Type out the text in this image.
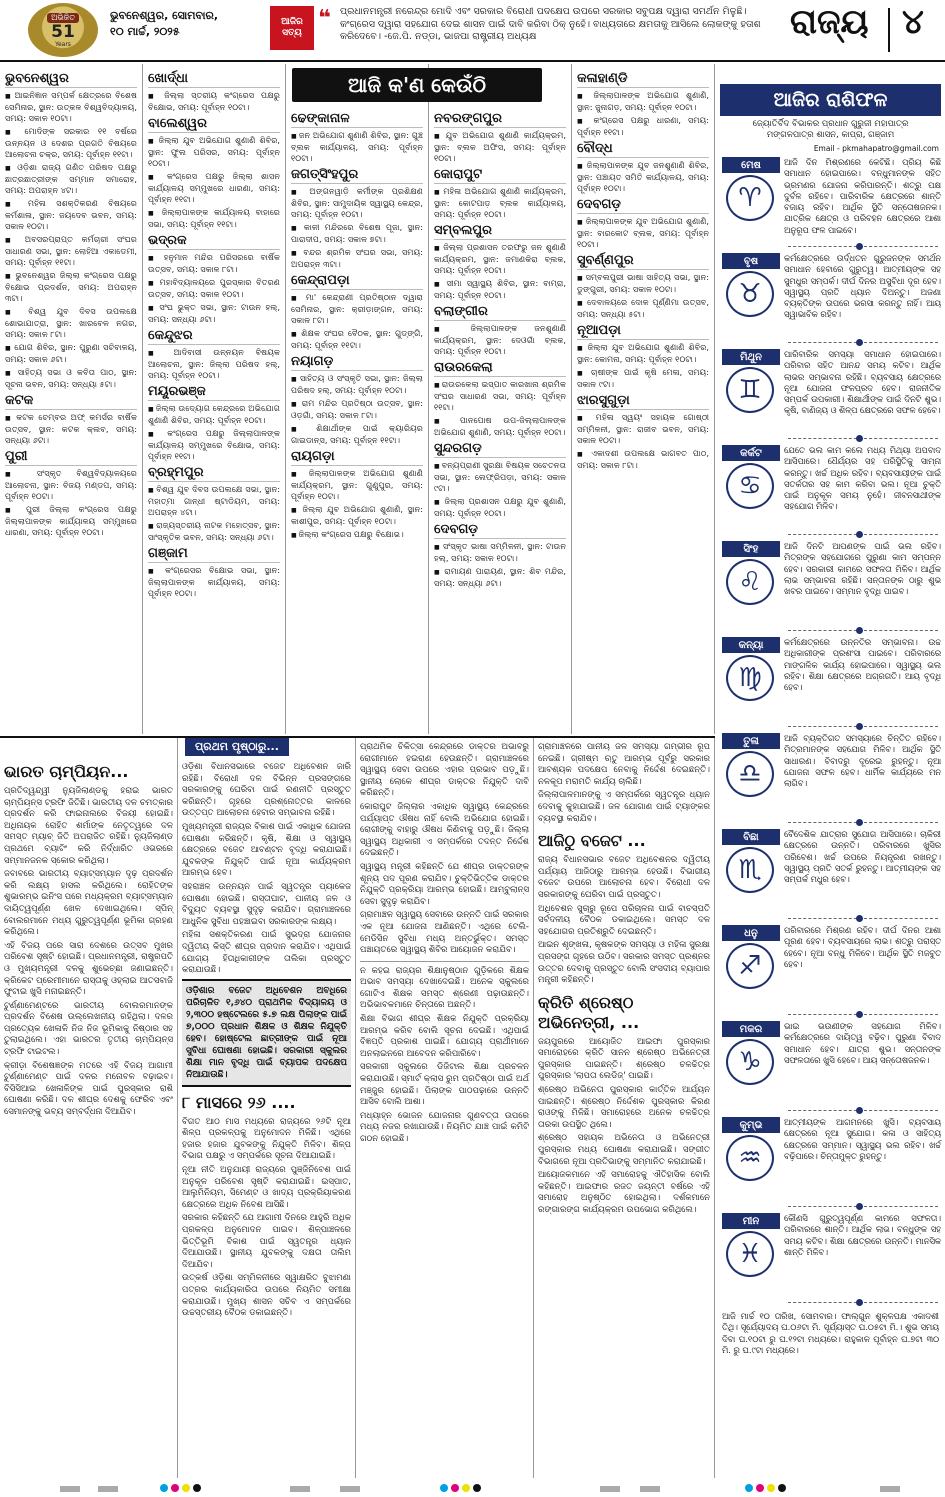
ଅଭିଜିତ
51
Years
ଭୁବନେଶ୍ୱର, ସୋମବାର,
୧୦ ମାର୍ଚ୍ଚ, ୨୦୨୫
ଆଜିର
ସତ୍ୟ
❝ ପ୍ରଧାନମନ୍ତ୍ରୀ ନରେନ୍ଦ୍ର ମୋଦି ଏବଂ ସରକାର ବିରୋଧୀ ପଦକ୍ଷେପ ଉପରେ ସରକାର ସବୁପକ୍ଷ ଦ୍ୱାରା ସମର୍ଥନ ମିଳୁଛି। କଂଗ୍ରେସ ଦ୍ୱାରା ସହଯୋଗ ଦେଇ ଶାସନ ପାଇଁ ଦାବି କରିବା ଠିକ୍ ନୁହେଁ। ବାଧ୍ୟତାରେ କ୍ଷମତାକୁ ଆସିଲେ ଲୋକଙ୍କୁ ହତାଶ କରିଦେବେ। -ଜେ.ପି. ନଡ୍ଡା, ଭାଜପା ରାଷ୍ଟ୍ରୀୟ ଅଧ୍ୟକ୍ଷ	ରାଜ୍ୟ ୪
ଭୁବନେଶ୍ୱର
■ ଆଇନିଜ୍ଞାନ ସମ୍ପର୍କ କ୍ଷେତ୍ରରେ ବିଶେଷ ସେମିନାର, ସ୍ଥାନ: ଉତ୍କଳ ବିଶ୍ୱବିଦ୍ୟାଳୟ, ସମୟ: ସକାଳ ୧୦ଟା।
■ ମୋଦିଙ୍କ ସରକାର ୧୧ ବର୍ଷରେ ଉନ୍ନୟନ ଓ ଦେଶର ପ୍ରଗତି ବିଷୟରେ ଆଲୋଚନା ଚକ୍ର, ସମୟ: ପୂର୍ବାହ୍ନ ୧୧ଟା।
■ ଓଡ଼ିଶା ରାଜ୍ୟ ଗଣିତ ପରିଷଦ ପକ୍ଷରୁ ଛାତ୍ରଛାତ୍ରୀଙ୍କ ସମ୍ମାନ ସମାରୋହ, ସମୟ: ଅପରାହ୍ନ ୪ଟା।
■ ମହିଳା ସଶକ୍ତିକରଣ ବିଷୟରେ କର୍ମଶାଳା, ସ୍ଥାନ: ଜୟଦେବ ଭବନ, ସମୟ: ସକାଳ ୧୦ଟା।
■ ଅବସରପ୍ରାପ୍ତ କର୍ମଚାରୀ ସଂଘର ସାଧାରଣ ସଭା, ସ୍ଥାନ: ଲୋହିଆ ଏକାଡେମୀ, ସମୟ: ପୂର୍ବାହ୍ନ ୧୧ଟା।
■ ଭୁବନେଶ୍ୱର ଜିଲ୍ଲା କଂଗ୍ରେସ ପକ୍ଷରୁ ବିକ୍ଷୋଭ ପ୍ରଦର୍ଶନ, ସମୟ: ଅପରାହ୍ନ ୩ଟା।
■ ବିଶ୍ୱ ଯୁବ ଦିବସ ଉପଲକ୍ଷେ ଶୋଭାଯାତ୍ରା, ସ୍ଥାନ: ଖାରବେଳ ନଗର, ସମୟ: ସକାଳ ୮ଟା।
■ ଯୋଗ ଶିବିର, ସ୍ଥାନ: ପୁରୁଣା ସଚିବାଳୟ, ସମୟ: ସକାଳ ୬ଟା।
■ ସାହିତ୍ୟ ସଭା ଓ କବିତା ପାଠ, ସ୍ଥାନ: ସୂଚନା ଭବନ, ସମୟ: ସନ୍ଧ୍ୟା ୫ଟା।
କଟକ
■ କଟକ ଚେମ୍ବର ଅଫ୍ କମର୍ସର ବାର୍ଷିକ ଉତ୍ସବ, ସ୍ଥାନ: କଟକ କ୍ଲବ, ସମୟ: ସନ୍ଧ୍ୟା ୬ଟା।
ପୁରୀ
■ ସଂସ୍କୃତ ବିଶ୍ୱବିଦ୍ୟାଳୟରେ ଆଲୋଚନା, ସ୍ଥାନ: ବିଜୟ ମଣ୍ଡପ, ସମୟ: ପୂର୍ବାହ୍ନ ୧୦ଟା।
■ ପୁରୀ ଜିଲ୍ଲା କଂଗ୍ରେସ ପକ୍ଷରୁ ଜିଲ୍ଲାପାଳଙ୍କ କାର୍ଯ୍ୟାଳୟ ସମ୍ମୁଖରେ ଧାରଣା, ସମୟ: ପୂର୍ବାହ୍ନ ୧୦ଟା।
ଖୋର୍ଦ୍ଧା
■ ଜିଲ୍ଲା ସ୍ତରୀୟ କଂଗ୍ରେସ ପକ୍ଷରୁ ବିକ୍ଷୋଭ, ସମୟ: ପୂର୍ବାହ୍ନ ୧୦ଟା।
ବାଲେଶ୍ୱର
■ ଜିଲ୍ଲା ଯୁବ ଅଭିଯୋଗ ଶୁଣାଣି ଶିବିର, ସ୍ଥାନ: ଫୁଲ ପରିସର, ସମୟ: ପୂର୍ବାହ୍ନ ୧୦ଟା।
■ କଂଗ୍ରେସ ପକ୍ଷରୁ ଜିଲ୍ଲା ଶାସନ କାର୍ଯ୍ୟାଳୟ ସମ୍ମୁଖରେ ଧାରଣା, ସମୟ: ପୂର୍ବାହ୍ନ ୧୧ଟା।
■ ଜିଲ୍ଲାପାଳଙ୍କ କାର୍ଯ୍ୟାଳୟ ବାହାରେ ସଭା, ସମୟ: ପୂର୍ବାହ୍ନ ୧୧ଟା।
ଭଦ୍ରକ
■ ହନୁମାନ ମନ୍ଦିର ପରିସରରେ ବାର୍ଷିକ ଉତ୍ସବ, ସମୟ: ସକାଳ ୮ଟା।
■ ମହାବିଦ୍ୟାଳୟରେ ପୁରସ୍କାର ବିତରଣ ଉତ୍ସବ, ସମୟ: ସକାଳ ୧୦ଟା।
■ ସଂଘ ଭୁକ୍ତ ସଭା, ସ୍ଥାନ: ଟାଉନ ହଲ୍, ସମୟ: ସନ୍ଧ୍ୟା ୬ଟା।
କେନ୍ଦୁଝର
■ ଆଦିବାସୀ ଉନ୍ନୟନ ବିଷୟକ ଆଲୋଚନା, ସ୍ଥାନ: ଜିଲ୍ଲା ପରିଷଦ ହଲ୍, ସମୟ: ପୂର୍ବାହ୍ନ ୧୦ଟା।
ମୟୂରଭଞ୍ଜ
■ ଜିଲ୍ଲା ଉଦ୍ୟୋଗ କେନ୍ଦ୍ରରେ ଅଭିଯୋଗ ଶୁଣାଣି ଶିବିର, ସମୟ: ପୂର୍ବାହ୍ନ ୧୦ଟା।
■ କଂଗ୍ରେସ ପକ୍ଷରୁ ଜିଲ୍ଲାପାଳଙ୍କ କାର୍ଯ୍ୟାଳୟ ସମ୍ମୁଖରେ ବିକ୍ଷୋଭ, ସମୟ: ପୂର୍ବାହ୍ନ ୧୧ଟା।
ବ୍ରହ୍ମପୁର
■ ବିଶ୍ୱ ଯୁବ ଦିବସ ଉପଲକ୍ଷେ ସଭା, ସ୍ଥାନ: ମହାତ୍ମା ଗାନ୍ଧୀ ଷ୍ଟାଡିୟମ, ସମୟ: ଅପରାହ୍ନ ୪ଟା।
■ ରାଜ୍ୟସ୍ତରୀୟ ନାଟକ ମହୋତ୍ସବ, ସ୍ଥାନ: ସାଂସ୍କୃତିକ ଭବନ, ସମୟ: ସନ୍ଧ୍ୟା ୬ଟା।
ଗଞ୍ଜାମ
■ କଂଗ୍ରେସର ବିକ୍ଷୋଭ ସଭା, ସ୍ଥାନ: ଜିଲ୍ଲାପାଳଙ୍କ କାର୍ଯ୍ୟାଳୟ, ସମୟ: ପୂର୍ବାହ୍ନ ୧୦ଟା।
ଢେଙ୍କାନାଳ
■ ଜନ ଅଭିଯୋଗ ଶୁଣାଣି ଶିବିର, ସ୍ଥାନ: ଗୁଞ୍ଚ ବ୍ଲକ କାର୍ଯ୍ୟାଳୟ, ସମୟ: ପୂର୍ବାହ୍ନ ୧୦ଟା।
ଜଗତ୍‌ସିଂହପୁର
■ ଅଙ୍ଗନୱାଡ଼ି କର୍ମୀଙ୍କ ପ୍ରଶିକ୍ଷଣ ଶିବିର, ସ୍ଥାନ: ସାମୁଦାୟିକ ସ୍ୱାସ୍ଥ୍ୟ କେନ୍ଦ୍ର, ସମୟ: ପୂର୍ବାହ୍ନ ୧୦ଟା।
■ କାଳୀ ମନ୍ଦିରରେ ବିଶେଷ ପୂଜା, ସ୍ଥାନ: ପାରାଦୀପ, ସମୟ: ସକାଳ ୭ଟା।
■ ବନ୍ଦର ଶ୍ରମିକ ସଂଘର ସଭା, ସମୟ: ଅପରାହ୍ନ ୩ଟା।
କେନ୍ଦ୍ରାପଡ଼ା
■ ମା' କେନ୍ଦ୍ରାଣୀ ପ୍ରତିଷ୍ଠାନ ଦ୍ୱାରା ସେମିନାର, ସ୍ଥାନ: କ୍ରୀଡ଼ାଙ୍ଗନ, ସମୟ: ସକାଳ ୮ଟା।
■ ଶିକ୍ଷକ ସଂଘର ବୈଠକ, ସ୍ଥାନ: ଗୁଡ୍ଙ୍ଗି, ସମୟ: ପୂର୍ବାହ୍ନ ୧୧ଟା।
ନୟାଗଡ଼
■ ସାହିତ୍ୟ ଓ ସଂସ୍କୃତି ସଭା, ସ୍ଥାନ: ଜିଲ୍ଲା ପରିଷଦ ହଲ୍, ସମୟ: ପୂର୍ବାହ୍ନ ୧୦ଟା।
■ ରାମ ମନ୍ଦିର ପ୍ରତିଷ୍ଠା ଉତ୍ସବ, ସ୍ଥାନ: ଓଡ଼ଗାଁ, ସମୟ: ସକାଳ ୮ଟା।
■ ଶିକ୍ଷାର୍ଥୀଙ୍କ ପାଇଁ କ୍ୟାରିୟର ଗାଇଡାନ୍ସ, ସମୟ: ପୂର୍ବାହ୍ନ ୧୧ଟା।
ରାୟଗଡ଼ା
■ ଜିଲ୍ଲାପାଳଙ୍କ ଅଭିଯୋଗ ଶୁଣାଣି କାର୍ଯ୍ୟକ୍ରମ, ସ୍ଥାନ: ଗୁଣୁପୁର, ସମୟ: ପୂର୍ବାହ୍ନ ୧୦ଟା।
■ ଜିଲ୍ଲା ଯୁବ ଅଭିଯୋଗ ଶୁଣାଣି, ସ୍ଥାନ: କାଶୀପୁର, ସମୟ: ପୂର୍ବାହ୍ନ ୧୦ଟା।
■ ଜିଲ୍ଲା କଂଗ୍ରେସ ପକ୍ଷରୁ ବିକ୍ଷୋଭ।
ନବରଙ୍ଗପୁର
■ ଯୁବ ଅଭିଯୋଗ ଶୁଣାଣି କାର୍ଯ୍ୟକ୍ରମ, ସ୍ଥାନ: ବ୍ଲକ ଅଫିସ, ସମୟ: ପୂର୍ବାହ୍ନ ୧୦ଟା।
କୋରାପୁଟ
■ ମହିଳା ଅଭିଯୋଗ ଶୁଣାଣି କାର୍ଯ୍ୟକ୍ରମ, ସ୍ଥାନ: କୋଟପାଡ଼ ବ୍ଲକ କାର୍ଯ୍ୟାଳୟ, ସମୟ: ପୂର୍ବାହ୍ନ ୧୦ଟା।
ସମ୍ବଲପୁର
■ ଜିଲ୍ଲା ପ୍ରଶାସନ ତରଫରୁ ଜନ ଶୁଣାଣି କାର୍ଯ୍ୟକ୍ରମ, ସ୍ଥାନ: ଜମାଣକିରା ବ୍ଲକ, ସମୟ: ପୂର୍ବାହ୍ନ ୧୦ଟା।
■ ସୀମା ସ୍ୱାସ୍ଥ୍ୟ ଶିବିର, ସ୍ଥାନ: ବାମ୍ରା, ସମୟ: ପୂର୍ବାହ୍ନ ୧୦ଟା।
ବଲାଙ୍ଗୀର
■ ଜିଲ୍ଲାପାଳଙ୍କ ଜନଶୁଣାଣି କାର୍ଯ୍ୟକ୍ରମ, ସ୍ଥାନ: ଦେଓଗାଁ ବ୍ଲକ, ସମୟ: ପୂର୍ବାହ୍ନ ୧୦ଟା।
ରାଉରକେଲା
■ ରାଉରକେଲା ଇସ୍ପାତ କାରଖାନା ଶ୍ରମିକ ସଂଘର ସାଧାରଣ ସଭା, ସମୟ: ପୂର୍ବାହ୍ନ ୧୧ଟା।
■ ପାନପୋଷ ଉପ-ଜିଲ୍ଲାପାଳଙ୍କ ଅଭିଯୋଗ ଶୁଣାଣି, ସମୟ: ପୂର୍ବାହ୍ନ ୧୦ଟା।
ସୁନ୍ଦରଗଡ଼
■ ବନ୍ୟପ୍ରାଣୀ ସୁରକ୍ଷା ବିଷୟକ ସଚେତନତା ସଭା, ସ୍ଥାନ: ଲେଫ୍ରିପଡ଼ା, ସମୟ: ସକାଳ ୯ଟା।
■ ଜିଲ୍ଲା ପ୍ରଶାସନ ପକ୍ଷରୁ ଯୁବ ଶୁଣାଣି, ସମୟ: ପୂର୍ବାହ୍ନ ୧୦ଟା।
ଦେବଗଡ଼
■ ସଂସ୍କୃତ ଭାଷା ସମ୍ମିଳନୀ, ସ୍ଥାନ: ଟାଉନ ହଲ୍, ସମୟ: ସକାଳ ୧୦ଟା।
■ ରାମାୟଣ ପାରାୟଣ, ସ୍ଥାନ: ଶିବ ମନ୍ଦିର, ସମୟ: ସନ୍ଧ୍ୟା ୬ଟା।
କଳାହାଣ୍ଡି
■ ଜିଲ୍ଲାପାଳଙ୍କ ଅଭିଯୋଗ ଶୁଣାଣି, ସ୍ଥାନ: ଜୁନାଗଡ଼, ସମୟ: ପୂର୍ବାହ୍ନ ୧୦ଟା।
■ କଂଗ୍ରେସ ପକ୍ଷରୁ ଧାରଣା, ସମୟ: ପୂର୍ବାହ୍ନ ୧୧ଟା।
ବୌଦ୍ଧ
■ ଜିଲ୍ଲାପାଳଙ୍କ ଯୁବ ଜନଶୁଣାଣି ଶିବିର, ସ୍ଥାନ: ପଞ୍ଚାୟତ ସମିତି କାର୍ଯ୍ୟାଳୟ, ସମୟ: ପୂର୍ବାହ୍ନ ୧୦ଟା।
ଦେବଗଡ଼
■ ଜିଲ୍ଲାପାଳଙ୍କ ଯୁବ ଅଭିଯୋଗ ଶୁଣାଣି, ସ୍ଥାନ: ବାରକୋଟ ବ୍ଲକ, ସମୟ: ପୂର୍ବାହ୍ନ ୧୦ଟା।
ସୁବର୍ଣ୍ଣପୁର
■ ସମ୍ବଲପୁରୀ ଭାଷା ସାହିତ୍ୟ ସଭା, ସ୍ଥାନ: ଡୁଙ୍ଗୁରୀ, ସମୟ: ସକାଳ ୧୦ଟା।
■ ଦେବାଳୟରେ ଦୋଳ ପୂର୍ଣ୍ଣିମା ଉତ୍ସବ, ସମୟ: ସନ୍ଧ୍ୟା ୫ଟା।
ନୂଆପଡ଼ା
■ ଜିଲ୍ଲା ଯୁବ ଅଭିଯୋଗ ଶୁଣାଣି ଶିବିର, ସ୍ଥାନ: କୋମନା, ସମୟ: ପୂର୍ବାହ୍ନ ୧୦ଟା।
■ ଚାଷୀଙ୍କ ପାଇଁ କୃଷି ମେଳା, ସମୟ: ସକାଳ ୯ଟା।
ଝାରସୁଗୁଡ଼ା
■ ମହିଳା ସ୍ୱୟଂ ସହାୟକ ଗୋଷ୍ଠୀ ସମ୍ମିଳନୀ, ସ୍ଥାନ: ରାଜୀବ ଭବନ, ସମୟ: ସକାଳ ୧୦ଟା।
■ ଏକାଦଶୀ ଉପଲକ୍ଷେ ଭାଗବତ ପାଠ, ସମୟ: ସକାଳ ୮ଟା।
ଆଜି କ'ଣ କେଉଁଠି
ଆଜିର ରାଶିଫଳ
ଜ୍ୟୋତିର୍ବିଦ ବିଭାକର ପ୍ରଧାନ ଗୁରୁଜୀ ମହାପାତ୍ର
ମଙ୍ଗଳପାତ୍ର ଶାସନ, କାପ୍ରା, ଗଞ୍ଜାମ
Email - pkmahapatro@gmail.com
ମେଷ
♈
ଆଜି ଦିନ ମିଶ୍ରଣରେ କେଟିଛି। ପ୍ରିୟ କିଛି ସମାଧାନ ହୋଇପାରେ। ବନ୍ଧୁମାନଙ୍କ ସହିତ ଭ୍ରମଣର ଯୋଜନା କରିପାରନ୍ତି। ଶତ୍ରୁ ପକ୍ଷ ଦୁର୍ବଳ ରହିବେ। ପାରିବାରିକ କ୍ଷେତ୍ରରେ ଶାନ୍ତି ବଜାୟ ରହିବ। ଆର୍ଥିକ ସ୍ଥିତି ସନ୍ତୋଷଜନକ। ଯାତ୍ରିକ କ୍ଷେତ୍ର ଓ ପରିବହନ କ୍ଷେତ୍ରରେ ଆଶା ଅନୁରୂପ ଫଳ ପାଇବେ।
ବୃଷ
♉
କର୍ମକ୍ଷେତ୍ରରେ ଉର୍ଦ୍ଧତନ ଗୁରୁଜନଙ୍କ ସମର୍ଥନ ସମାଧାନ ହେବାରେ ଗୁରୁତ୍ୱ। ଆତ୍ମୀୟଙ୍କ ସହ ସୁମଧୁର ସମ୍ପର୍କ। ଦୀର୍ଘ ଦିନର ଅସୁବିଧା ଦୂର ହେବ। ସ୍ୱାସ୍ଥ୍ୟ ପ୍ରତି ଧ୍ୟାନ ଦିଅନ୍ତୁ। ଅଜଣା ବ୍ୟକ୍ତିଙ୍କ ଉପରେ ଭରସା କରନ୍ତୁ ନାହିଁ। ଆୟ ସ୍ୱାଭାବିକ ରହିବ।
ମିଥୁନ
♊
ପାରିବାରିକ ସମସ୍ୟା ସମାଧାନ ହୋଇପାରେ। ପରିବାର ସହିତ ଆନନ୍ଦ ସମୟ କଟିବ। ଆର୍ଥିକ ଲାଭର ସମ୍ଭାବନା ରହିଛି। ବ୍ୟବସାୟ କ୍ଷେତ୍ରରେ ନୂଆ ଯୋଜନା ଫଳପ୍ରଦ ହେବ। ରାଜନୀତିକ ସମ୍ପର୍କ ଉପକାରୀ। ଶିକ୍ଷାର୍ଥୀଙ୍କ ପାଇଁ ଦିନଟି ଶୁଭ। କୃଷି, ବାଣିଜ୍ୟ ଓ ଶିଳ୍ପ କ୍ଷେତ୍ରରେ ସଫଳ ହେବେ।
କର୍କଟ
♋
ଯେତେ ଭଲ କାମ କଲେ ମଧ୍ୟ ମିଥ୍ୟା ଅପବାଦ ଆସିପାରେ। ଧୈର୍ଯ୍ୟର ସହ ପରିସ୍ଥିତିକୁ ସାମ୍ନା କରନ୍ତୁ। ଖର୍ଚ୍ଚ ଅଧିକ ରହିବ। ବ୍ୟବସାୟୀଙ୍କ ପାଇଁ ସତର୍କତାର ସହ କାମ କରିବା ଭଲ। ନୂଆ ଚୁକ୍ତି ପାଇଁ ଅନୁକୂଳ ସମୟ ନୁହେଁ। ଜୀବନସାଥୀଙ୍କ ସହଯୋଗ ମିଳିବ।
ସିଂହ
♌
ଆଜି ଦିନଟି ଆପଣଙ୍କ ପାଇଁ ଭଲ ରହିବ। ମିତ୍ରଙ୍କ ସହଯୋଗରେ ପୁରୁଣା କାମ ସମ୍ପନ୍ନ ହେବ। ସରକାରୀ କାମରେ ସଫଳତା ମିଳିବ। ଆର୍ଥିକ ଲାଭ ସମ୍ଭାବନା ରହିଛି। ସନ୍ତାନଙ୍କ ଠାରୁ ଶୁଭ ଖବର ପାଇବେ। ସମ୍ମାନ ବୃଦ୍ଧି ପାଇବ।
କନ୍ୟା
♍
କର୍ମକ୍ଷେତ୍ରରେ ଉନ୍ନତିର ସମ୍ଭାବନା। ଉଚ୍ଚ ଅଧିକାରୀଙ୍କ ପ୍ରଶଂସା ପାଇବେ। ପରିବାରରେ ମାଙ୍ଗଳିକ କାର୍ଯ୍ୟ ହୋଇପାରେ। ସ୍ୱାସ୍ଥ୍ୟ ଭଲ ରହିବ। ଶିକ୍ଷା କ୍ଷେତ୍ରରେ ଅଗ୍ରଗତି। ଆୟ ବୃଦ୍ଧି ହେବ।
ତୁଳା
♎
ଆଜି ବ୍ୟକ୍ତିଗତ ସମସ୍ୟାରେ ଚିନ୍ତିତ ରହିବେ। ମିତ୍ରମାନଙ୍କ ସହଯୋଗ ମିଳିବ। ଆର୍ଥିକ ସ୍ଥିତି ସାଧାରଣ। ବିବାଦରୁ ଦୂରେଇ ରୁହନ୍ତୁ। ନୂଆ ଯୋଜନା ସଫଳ ହେବ। ଧାର୍ମିକ କାର୍ଯ୍ୟରେ ମନ ଲାଗିବ।
ବିଛା
♏
ବୈଦେଶିକ ଯାତ୍ରାର ସୁଯୋଗ ଆସିପାରେ। ଚାକିରୀ କ୍ଷେତ୍ରରେ ଉନ୍ନତି। ପରିବାରରେ ଖୁସିର ପରିବେଶ। ଖର୍ଚ୍ଚ ଉପରେ ନିୟନ୍ତ୍ରଣ ରଖନ୍ତୁ। ସ୍ୱାସ୍ଥ୍ୟ ପ୍ରତି ସତର୍କ ରୁହନ୍ତୁ। ଆତ୍ମୀୟଙ୍କ ସହ ସମ୍ପର୍କ ମଧୁର ହେବ।
ଧନୁ
♐
ପରିବାରରେ ମିଶ୍ରଣ ରହିବ। ଦୀର୍ଘ ଦିନର ଆଶା ପୂରଣ ହେବ। ବ୍ୟବସାୟରେ ଲାଭ। ଶତ୍ରୁ ପରାସ୍ତ ହେବେ। ନୂଆ ବନ୍ଧୁ ମିଳିବେ। ଆର୍ଥିକ ସ୍ଥିତି ମଜବୁତ ହେବ।
ମକର
♑
ଭାଇ ଭଉଣୀଙ୍କ ସହଯୋଗ ମିଳିବ। କର୍ମକ୍ଷେତ୍ରରେ ଦାୟିତ୍ୱ ବଢ଼ିବ। ପୁରୁଣା ବିବାଦ ସମାଧାନ ହେବ। ଯାତ୍ରା ଶୁଭ। ସନ୍ତାନଙ୍କ ସଫଳତାରେ ଖୁସି ହେବେ। ଆୟ ସନ୍ତୋଷଜନକ।
କୁମ୍ଭ
♒
ଆତ୍ମୀୟଙ୍କ ଆଗମନରେ ଖୁସି। ବ୍ୟବସାୟ କ୍ଷେତ୍ରରେ ନୂଆ ସୁଯୋଗ। କଳା ଓ ସାହିତ୍ୟ କ୍ଷେତ୍ରରେ ସମ୍ମାନ। ସ୍ୱାସ୍ଥ୍ୟ ଭଲ ରହିବ। ଖର୍ଚ୍ଚ ବଢ଼ିପାରେ। ଚିନ୍ତାମୁକ୍ତ ରୁହନ୍ତୁ।
ମୀନ
♓
କୌଣସି ଗୁରୁତ୍ୱପୂର୍ଣ୍ଣ କାମରେ ସଫଳତା। ପରିବାରରେ ଶାନ୍ତି। ଆର୍ଥିକ ଲାଭ। ବନ୍ଧୁଙ୍କ ସହ ସମୟ କଟିବ। ଶିକ୍ଷା କ୍ଷେତ୍ରରେ ଉନ୍ନତି। ମାନସିକ ଶାନ୍ତି ମିଳିବ।
ଆଜି ମାର୍ଚ୍ଚ ୧୦ ତାରିଖ, ସୋମବାର। ଫାଲ୍‌ଗୁନ ଶୁକ୍ଳପକ୍ଷ ଏକାଦଶୀ ତିଥି। ସୂର୍ଯ୍ୟୋଦୟ ଘ.୦୬ଟା ମି. ସୂର୍ଯ୍ୟାସ୍ତ ଘ.୦୫ଟା ମି.। ଶୁଭ ସମୟ ଦିବା ଘ.୧୦ଟା ରୁ ଘ.୧୨ଟା ମଧ୍ୟରେ। ରାହୁକାଳ ପୂର୍ବାହ୍ନ ଘ.୭ଟା ୩୦ ମି. ରୁ ଘ.୯ଟା ମଧ୍ୟରେ।
ଭାରତ ଚାମ୍ପିୟନ...
ପ୍ରତିଦ୍ୱନ୍ଦ୍ୱୀ ନ୍ୟୁଜିଲାଣ୍ଡକୁ ହରାଇ ଭାରତ ଚାମ୍ପିୟନ୍ସ ଟ୍ରଫି ଜିତିଛି। ଭାରତୀୟ ଦଳ ଚମତ୍କାର ପ୍ରଦର୍ଶନ କରି ଫାଇନାଲରେ ବିଜୟୀ ହୋଇଛି। ଅଧିନାୟକ ରୋହିତ ଶର୍ମାଙ୍କ ନେତୃତ୍ୱରେ ଦଳ ସମସ୍ତ ମ୍ୟାଚ୍ ଜିତି ଅପରାଜିତ ରହିଛି। ନ୍ୟୁଜିଲାଣ୍ଡ ପ୍ରଥମେ ବ୍ୟାଟିଂ କରି ନିର୍ଦ୍ଧାରିତ ଓଭରରେ ସମ୍ମାନଜନକ ସ୍କୋର କରିଥିଲା।
ଜବାବରେ ଭାରତୀୟ ବ୍ୟାଟ୍ସମ୍ୟାନ ଦୃଢ଼ ପ୍ରଦର୍ଶନ କରି ଲକ୍ଷ୍ୟ ହାସଲ କରିଥିଲେ। ରୋହିତଙ୍କ ଶୁଭାରମ୍ଭ ଇନିଂସ ପରେ ମଧ୍ୟକ୍ରମ ବ୍ୟାଟ୍ସମ୍ୟାନ ଦାୟିତ୍ୱପୂର୍ଣ୍ଣ ଖେଳ ଦେଖାଇଥିଲେ। ସ୍ପିନ୍ ବୋଲରମାନେ ମଧ୍ୟ ଗୁରୁତ୍ୱପୂର୍ଣ୍ଣ ଭୂମିକା ଗ୍ରହଣ କରିଥିଲେ।
ଏହି ବିଜୟ ପରେ ସାରା ଦେଶରେ ଉତ୍ସବ ମୁଖର ପରିବେଶ ସୃଷ୍ଟି ହୋଇଛି। ପ୍ରଧାନମନ୍ତ୍ରୀ, ରାଷ୍ଟ୍ରପତି ଓ ମୁଖ୍ୟମନ୍ତ୍ରୀ ଦଳକୁ ଶୁଭେଚ୍ଛା ଜଣାଇଛନ୍ତି। କ୍ରିକେଟ ପ୍ରେମୀମାନେ ରାସ୍ତାକୁ ଓହ୍ଲାଇ ଆତସବାଜି ଫୁଟାଇ ଖୁସି ମନାଇଛନ୍ତି।
ଟୁର୍ଣ୍ଣାମେଣ୍ଟରେ ଭାରତୀୟ ବୋଲରମାନଙ୍କ ପ୍ରଦର୍ଶନ ବିଶେଷ ଉଲ୍ଲେଖନୀୟ ରହିଥିଲା। ଦଳର ପ୍ରତ୍ୟେକ ଖେଳାଳି ନିଜ ନିଜ ଭୂମିକାକୁ ନିଷ୍ଠାର ସହ ତୁଲାଇଥିଲେ। ଏହା ଭାରତର ତୃତୀୟ ଚାମ୍ପିୟନ୍ସ ଟ୍ରଫି ଟାଇଟଲ।
କ୍ରୀଡ଼ା ବିଶେଷଜ୍ଞଙ୍କ ମତରେ ଏହି ବିଜୟ ଆଗାମୀ ଟୁର୍ଣ୍ଣାମେଣ୍ଟ ପାଇଁ ଦଳର ମନୋବଳ ବଢ଼ାଇବ। ବିସିସିଆଇ ଖେଳାଳିଙ୍କ ପାଇଁ ପୁରସ୍କାର ରାଶି ଘୋଷଣା କରିଛି। ଦଳ ଶୀଘ୍ର ଦେଶକୁ ଫେରିବ ଏବଂ ସେମାନଙ୍କୁ ଭବ୍ୟ ସମ୍ବର୍ଦ୍ଧନା ଦିଆଯିବ।
ଓଡ଼ିଶା ବିଧାନସଭାରେ ବଜେଟ ଅଧିବେଶନ ଜାରି ରହିଛି। ବିରୋଧୀ ଦଳ ବିଭିନ୍ନ ପ୍ରସଙ୍ଗରେ ସରକାରଙ୍କୁ ଘେରିବା ପାଇଁ ରଣନୀତି ପ୍ରସ୍ତୁତ କରିଛନ୍ତି। ଗୃହରେ ପ୍ରଶ୍ନୋତ୍ତର କାଳରେ ଉତ୍ତପ୍ତ ଆଲୋଚନା ହେବାର ସମ୍ଭାବନା ରହିଛି।
ମୁଖ୍ୟମନ୍ତ୍ରୀ ରାଜ୍ୟର ବିକାଶ ପାଇଁ ଏକାଧିକ ଯୋଜନା ଘୋଷଣା କରିଛନ୍ତି। କୃଷି, ଶିକ୍ଷା ଓ ସ୍ୱାସ୍ଥ୍ୟ କ୍ଷେତ୍ରରେ ବଜେଟ ଆବଣ୍ଟନ ବୃଦ୍ଧି କରାଯାଇଛି। ଯୁବକଙ୍କ ନିଯୁକ୍ତି ପାଇଁ ନୂଆ କାର୍ଯ୍ୟକ୍ରମ ଆରମ୍ଭ ହେବ।
ସହରାଞ୍ଚଳ ଉନ୍ନୟନ ପାଇଁ ସ୍ୱତନ୍ତ୍ର ପ୍ୟାକେଜ ଘୋଷଣା ହୋଇଛି। ରାସ୍ତାଘାଟ, ପାନୀୟ ଜଳ ଓ ବିଦ୍ୟୁତ ବ୍ୟବସ୍ଥା ସୁଦୃଢ଼ କରାଯିବ। ଗ୍ରାମାଞ୍ଚଳରେ ଆଧୁନିକ ସୁବିଧା ପହଞ୍ଚାଇବା ସରକାରଙ୍କ ଲକ୍ଷ୍ୟ।
ମହିଳା ସଶକ୍ତିକରଣ ପାଇଁ ସୁଭଦ୍ରା ଯୋଜନାର ଦ୍ୱିତୀୟ କିସ୍ତି ଶୀଘ୍ର ପ୍ରଦାନ କରାଯିବ। ଏଥିପାଇଁ ଯୋଗ୍ୟ ହିତାଧିକାରୀଙ୍କ ତାଲିକା ପ୍ରସ୍ତୁତ କରାଯାଉଛି।
ଓଡ଼ିଶାର ବଜେଟ ଅଧିବେଶନ ଅବଧିରେ ପରିଚାଳିତ ୧,୬୪୦ ପ୍ରାଥମିକ ବିଦ୍ୟାଳୟ ଓ ୨,୩୦୦ ହଷ୍ଟେଲରେ ୫.୭ ଲକ୍ଷ ପିଲାଙ୍କ ପାଇଁ ୭,୦୦୦ ପ୍ରଧାନ ଶିକ୍ଷକ ଓ ଶିକ୍ଷକ ନିଯୁକ୍ତି ହେବ। ହୋଷ୍ଟେଲ ଛାତ୍ରୀଙ୍କ ପାଇଁ ନୂଆ ସୁବିଧା ଘୋଷଣା ହୋଇଛି। ସରକାରୀ ସ୍କୁଲର ଶିକ୍ଷା ମାନ ବୃଦ୍ଧି ପାଇଁ ବ୍ୟାପକ ପଦକ୍ଷେପ ନିଆଯାଉଛି।
୮ ମାସରେ ୨୬ ....
ବିଗତ ଆଠ ମାସ ମଧ୍ୟରେ ରାଜ୍ୟରେ ୨୬ଟି ନୂଆ ଶିଳ୍ପ ପ୍ରକଳ୍ପକୁ ଅନୁମୋଦନ ମିଳିଛି। ଏଥିରେ ହଜାର ହଜାର ଯୁବକଙ୍କୁ ନିଯୁକ୍ତି ମିଳିବ। ଶିଳ୍ପ ବିଭାଗ ପକ୍ଷରୁ ଏ ସମ୍ପର୍କରେ ସୂଚନା ଦିଆଯାଇଛି।
ନୂଆ ନୀତି ଅନୁଯାୟୀ ରାଜ୍ୟରେ ପୁଞ୍ଜିନିବେଶ ପାଇଁ ଅନୁକୂଳ ପରିବେଶ ସୃଷ୍ଟି କରାଯାଇଛି। ଇସ୍ପାତ, ଆଲୁମିନିୟମ, ସିମେଣ୍ଟ ଓ ଖାଦ୍ୟ ପ୍ରକ୍ରିୟାକରଣ କ୍ଷେତ୍ରରେ ଅଧିକ ନିବେଶ ଆସିଛି।
ସରକାର କହିଛନ୍ତି ଯେ ଆଗାମୀ ଦିନରେ ଆହୁରି ଅଧିକ ପ୍ରକଳ୍ପ ଅନୁମୋଦନ ପାଇବ। ଶିଳ୍ପାଞ୍ଚଳରେ ଭିତ୍ତିଭୂମି ବିକାଶ ପାଇଁ ସ୍ୱତନ୍ତ୍ର ଧ୍ୟାନ ଦିଆଯାଉଛି। ସ୍ଥାନୀୟ ଯୁବକଙ୍କୁ ଦକ୍ଷତା ତାଲିମ ଦିଆଯିବ।
ଉତ୍କର୍ଷ ଓଡ଼ିଶା ସମ୍ମିଳନୀରେ ସ୍ୱାକ୍ଷରିତ ବୁଝାମଣା ପତ୍ରର କାର୍ଯ୍ୟକାରିତା ଉପରେ ନିୟମିତ ସମୀକ୍ଷା କରାଯାଉଛି। ମୁଖ୍ୟ ଶାସନ ସଚିବ ଏ ସମ୍ପର୍କରେ ଉଚ୍ଚସ୍ତରୀୟ ବୈଠକ ଡକାଇଛନ୍ତି।
ପ୍ରାଥମିକ ଚିକିତ୍ସା କେନ୍ଦ୍ରରେ ଡାକ୍ତର ଅଭାବରୁ ରୋଗୀମାନେ ହଇରାଣ ହେଉଛନ୍ତି। ଗ୍ରାମାଞ୍ଚଳରେ ସ୍ୱାସ୍ଥ୍ୟ ସେବା ଉପରେ ଏହାର ପ୍ରଭାବ ପଡ଼ୁଛି। ସ୍ଥାନୀୟ ଲୋକେ ଶୀଘ୍ର ଡାକ୍ତର ନିଯୁକ୍ତି ଦାବି କରିଛନ୍ତି।
କୋରାପୁଟ ଜିଲ୍ଲାର ଏକାଧିକ ସ୍ୱାସ୍ଥ୍ୟ କେନ୍ଦ୍ରରେ ପର୍ଯ୍ୟାପ୍ତ ଔଷଧ ନାହିଁ ବୋଲି ଅଭିଯୋଗ ହୋଇଛି। ରୋଗୀଙ୍କୁ ବାହାରୁ ଔଷଧ କିଣିବାକୁ ପଡ଼ୁଛି। ଜିଲ୍ଲା ସ୍ୱାସ୍ଥ୍ୟ ଅଧିକାରୀ ଏ ସମ୍ପର୍କରେ ତଦନ୍ତ ନିର୍ଦ୍ଦେଶ ଦେଇଛନ୍ତି।
ସ୍ୱାସ୍ଥ୍ୟ ମନ୍ତ୍ରୀ କହିଛନ୍ତି ଯେ ଶୀଘ୍ର ଡାକ୍ତରଙ୍କ ଶୂନ୍ୟ ପଦ ପୂରଣ କରାଯିବ। ଚୁକ୍ତିଭିତ୍ତିକ ଡାକ୍ତର ନିଯୁକ୍ତି ପ୍ରକ୍ରିୟା ଆରମ୍ଭ ହୋଇଛି। ଆମ୍ବୁଲାନ୍ସ ସେବା ସୁଦୃଢ଼ କରାଯିବ।
ଗ୍ରାମାଞ୍ଚଳ ସ୍ୱାସ୍ଥ୍ୟ ସେବାରେ ଉନ୍ନତି ପାଇଁ ସରକାର ଏକ ନୂଆ ଯୋଜନା ଆଣିଛନ୍ତି। ଏଥିରେ ଟେଲି-ମେଡିସିନ ସୁବିଧା ମଧ୍ୟ ଅନ୍ତର୍ଭୁକ୍ତ। ସମସ୍ତ ପଞ୍ଚାୟତରେ ସ୍ୱାସ୍ଥ୍ୟ ଶିବିର ଆୟୋଜନ କରାଯିବ।
ନ କହଇ ରାଜ୍ୟର ଶିକ୍ଷାନୁଷ୍ଠାନ ଗୁଡ଼ିକରେ ଶିକ୍ଷକ ଅଭାବ ସମସ୍ୟା ଦେଖାଦେଇଛି। ଅନେକ ସ୍କୁଲରେ ଗୋଟିଏ ଶିକ୍ଷକ ସମସ୍ତ ଶ୍ରେଣୀ ପଢ଼ାଉଛନ୍ତି। ଅଭିଭାବକମାନେ ଚିନ୍ତାରେ ଅଛନ୍ତି।
ଶିକ୍ଷା ବିଭାଗ ଶୀଘ୍ର ଶିକ୍ଷକ ନିଯୁକ୍ତି ପ୍ରକ୍ରିୟା ଆରମ୍ଭ କରିବ ବୋଲି ସୂଚନା ଦେଇଛି। ଏଥିପାଇଁ ବିଜ୍ଞପ୍ତି ପ୍ରକାଶ ପାଇଛି। ଯୋଗ୍ୟ ପ୍ରାର୍ଥୀମାନେ ଅନଲାଇନରେ ଆବେଦନ କରିପାରିବେ।
ସରକାରୀ ସ୍କୁଲରେ ଡିଜିଟାଲ ଶିକ୍ଷା ପ୍ରଚଳନ କରାଯାଉଛି। ସ୍ମାର୍ଟ କ୍ଲାସ ରୁମ ପ୍ରତିଷ୍ଠା ପାଇଁ ଅର୍ଥ ମଞ୍ଜୁର ହୋଇଛି। ପିଲାଙ୍କ ପାଠପଢ଼ାରେ ଉନ୍ନତି ଆସିବ ବୋଲି ଆଶା।
ମଧ୍ୟାହ୍ନ ଭୋଜନ ଯୋଜନାର ଗୁଣବତ୍ତା ଉପରେ ମଧ୍ୟ ନଜର ରଖାଯାଉଛି। ନିୟମିତ ଯାଞ୍ଚ ପାଇଁ କମିଟି ଗଠନ ହୋଇଛି।
ଗ୍ରାମାଞ୍ଚଳରେ ପାନୀୟ ଜଳ ସମସ୍ୟା ଗମ୍ଭୀର ରୂପ ନେଇଛି। ଗ୍ରୀଷ୍ମ ଋତୁ ଆରମ୍ଭ ପୂର୍ବରୁ ସରକାର ଆବଶ୍ୟକ ପଦକ୍ଷେପ ନେବାକୁ ନିର୍ଦ୍ଦେଶ ଦେଇଛନ୍ତି। ନଳକୂପ ମରାମତି କାର୍ଯ୍ୟ ଚାଲିଛି।
ଜିଲ୍ଲାପାଳମାନଙ୍କୁ ଏ ସମ୍ପର୍କରେ ସ୍ୱତନ୍ତ୍ର ଧ୍ୟାନ ଦେବାକୁ କୁହାଯାଇଛି। ଜଳ ଯୋଗାଣ ପାଇଁ ଟ୍ୟାଙ୍କର ବ୍ୟବସ୍ଥା କରାଯିବ।
ଆଜିଠୁ ବଜେଟ ...
ରାଜ୍ୟ ବିଧାନସଭାର ବଜେଟ ଅଧିବେଶନର ଦ୍ୱିତୀୟ ପର୍ଯ୍ୟାୟ ଆଜିଠାରୁ ଆରମ୍ଭ ହେଉଛି। ବିଭାଗୀୟ ବଜେଟ ଉପରେ ଆଲୋଚନା ହେବ। ବିରୋଧୀ ଦଳ ସରକାରଙ୍କୁ ଘେରିବା ପାଇଁ ପ୍ରସ୍ତୁତ।
ଅଧିବେଶନ ସୁଚାରୁ ରୂପେ ପରିଚାଳନା ପାଇଁ ବାଚସ୍ପତି ସର୍ବଦଳୀୟ ବୈଠକ ଡକାଇଥିଲେ। ସମସ୍ତ ଦଳ ସହଯୋଗର ପ୍ରତିଶ୍ରୁତି ଦେଇଛନ୍ତି।
ଆଇନ ଶୃଙ୍ଖଳା, କୃଷକଙ୍କ ସମସ୍ୟା ଓ ମହିଳା ସୁରକ୍ଷା ପ୍ରସଙ୍ଗ ଗୃହରେ ଉଠିବ। ସରକାର ସମସ୍ତ ପ୍ରଶ୍ନର ଉତ୍ତର ଦେବାକୁ ପ୍ରସ୍ତୁତ ବୋଲି ସଂସଦୀୟ ବ୍ୟାପାର ମନ୍ତ୍ରୀ କହିଛନ୍ତି।
କ୍ରିତି ଶ୍ରେଷ୍ଠ ଅଭିନେତ୍ରୀ, ...
ଜୟପୁରରେ ଆୟୋଜିତ ଆଇଫା ପୁରସ୍କାର ସମାରୋହରେ କ୍ରିତି ସାନନ ଶ୍ରେଷ୍ଠ ଅଭିନେତ୍ରୀ ପୁରସ୍କାର ପାଇଛନ୍ତି। ଶ୍ରେଷ୍ଠ ଚଳଚ୍ଚିତ୍ର ପୁରସ୍କାର 'ଲାପତା ଲେଡିଜ୍' ପାଇଛି।
ଶ୍ରେଷ୍ଠ ଅଭିନେତା ପୁରସ୍କାର କାର୍ତ୍ତିକ ଆର୍ଯ୍ୟନ ପାଇଛନ୍ତି। ଶ୍ରେଷ୍ଠ ନିର୍ଦ୍ଦେଶକ ପୁରସ୍କାର କିରଣ ରାଓଙ୍କୁ ମିଳିଛି। ସମାରୋହରେ ଅନେକ ଚଳଚ୍ଚିତ୍ର ତାରକା ଉପସ୍ଥିତ ଥିଲେ।
ଶ୍ରେଷ୍ଠ ସହାୟକ ଅଭିନେତା ଓ ଅଭିନେତ୍ରୀ ପୁରସ୍କାର ମଧ୍ୟ ଘୋଷଣା କରାଯାଇଛି। ସଙ୍ଗୀତ ବିଭାଗରେ ନୂଆ ପ୍ରତିଭାଙ୍କୁ ସମ୍ମାନିତ କରାଯାଇଛି।
ଆୟୋଜକମାନେ ଏହି ସମାରୋହକୁ ଐତିହାସିକ ବୋଲି କହିଛନ୍ତି। ଆଇଫାର ରଜତ ଜୟନ୍ତୀ ବର୍ଷରେ ଏହି ସମାରୋହ ଅନୁଷ୍ଠିତ ହୋଇଥିଲା। ଦର୍ଶକମାନେ ରଙ୍ଗାରଙ୍ଗ କାର୍ଯ୍ୟକ୍ରମ ଉପଭୋଗ କରିଥିଲେ।
ପ୍ରଥମ ପୃଷ୍ଠାରୁ...
